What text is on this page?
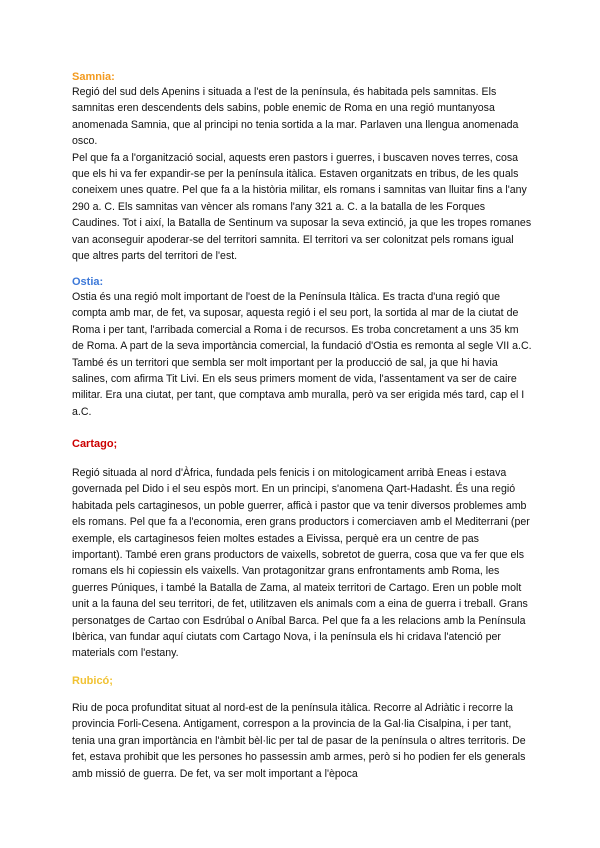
Samnia:

Regió del sud dels Apenins i situada a l'est de la península, és habitada pels samnitas. Els samnitas eren descendents dels sabins, poble enemic de Roma en una regió muntanyosa anomenada Samnia, que al principi no tenia sortida a la mar. Parlaven una llengua anomenada osco.

Pel que fa a l'organització social, aquests eren pastors i guerres, i buscaven noves terres, cosa que els hi va fer expandir-se per la península itàlica. Estaven organitzats en tribus, de les quals coneixem unes quatre. Pel que fa a la història militar, els romans i samnitas van lluitar fins a l'any 290 a. C. Els samnitas van vèncer als romans l'any 321 a. C. a la batalla de les Forques Caudines. Tot i així, la Batalla de Sentinum va suposar la seva extinció, ja que les tropes romanes van aconseguir apoderar-se del territori samnita. El territori va ser colonitzat pels romans igual que altres parts del territori de l'est.

Ostia:

Ostia és una regió molt important de l'oest de la Península Itàlica. Es tracta d'una regió que compta amb mar, de fet, va suposar, aquesta regió i el seu port, la sortida al mar de la ciutat de Roma i per tant, l'arribada comercial a Roma i de recursos. Es troba concretament a uns 35 km de Roma. A part de la seva importància comercial, la fundació d'Ostia es remonta al segle VII a.C. També és un territori que sembla ser molt important per la producció de sal, ja que hi havia salines, com afirma Tit Livi. En els seus primers moment de vida, l'assentament va ser de caire militar. Era una ciutat, per tant, que comptava amb muralla, però va ser erigida més tard, cap el I a.C.

Cartago;

Regió situada al nord d'Àfrica, fundada pels fenicis i on mitologicament arribà Eneas i estava governada pel Dido i el seu espòs mort. En un principi, s'anomena Qart-Hadasht. És una regió habitada pels cartaginesos, un poble guerrer, afficà i pastor que va tenir diversos problemes amb els romans. Pel que fa a l'economia, eren grans productors i comerciaven amb el Mediterrani (per exemple, els cartaginesos feien moltes estades a Eivissa, perquè era un centre de pas important). També eren grans productors de vaixells, sobretot de guerra, cosa que va fer que els romans els hi copiessin els vaixells. Van protagonitzar grans enfrontaments amb Roma, les guerres Púniques, i també la Batalla de Zama, al mateix territori de Cartago. Eren un poble molt unit a la fauna del seu territori, de fet, utilitzaven els animals com a eina de guerra i treball. Grans personatges de Cartao con Esdrúbal o Aníbal Barca. Pel que fa a les relacions amb la Península Ibèrica, van fundar aquí ciutats com Cartago Nova, i la península els hi cridava l'atenció per materials com l'estany.

Rubicó;

Riu de poca profunditat situat al nord-est de la península itàlica. Recorre al Adriàtic i recorre la provincia Forli-Cesena. Antigament, correspon a la provincia de la Gal·lia Cisalpina, i per tant, tenia una gran importància en l'àmbit bèl·lic per tal de pasar de la península o altres territoris. De fet, estava prohibit que les persones ho passessin amb armes, però si ho podien fer els generals amb missió de guerra. De fet, va ser molt important a l'època
